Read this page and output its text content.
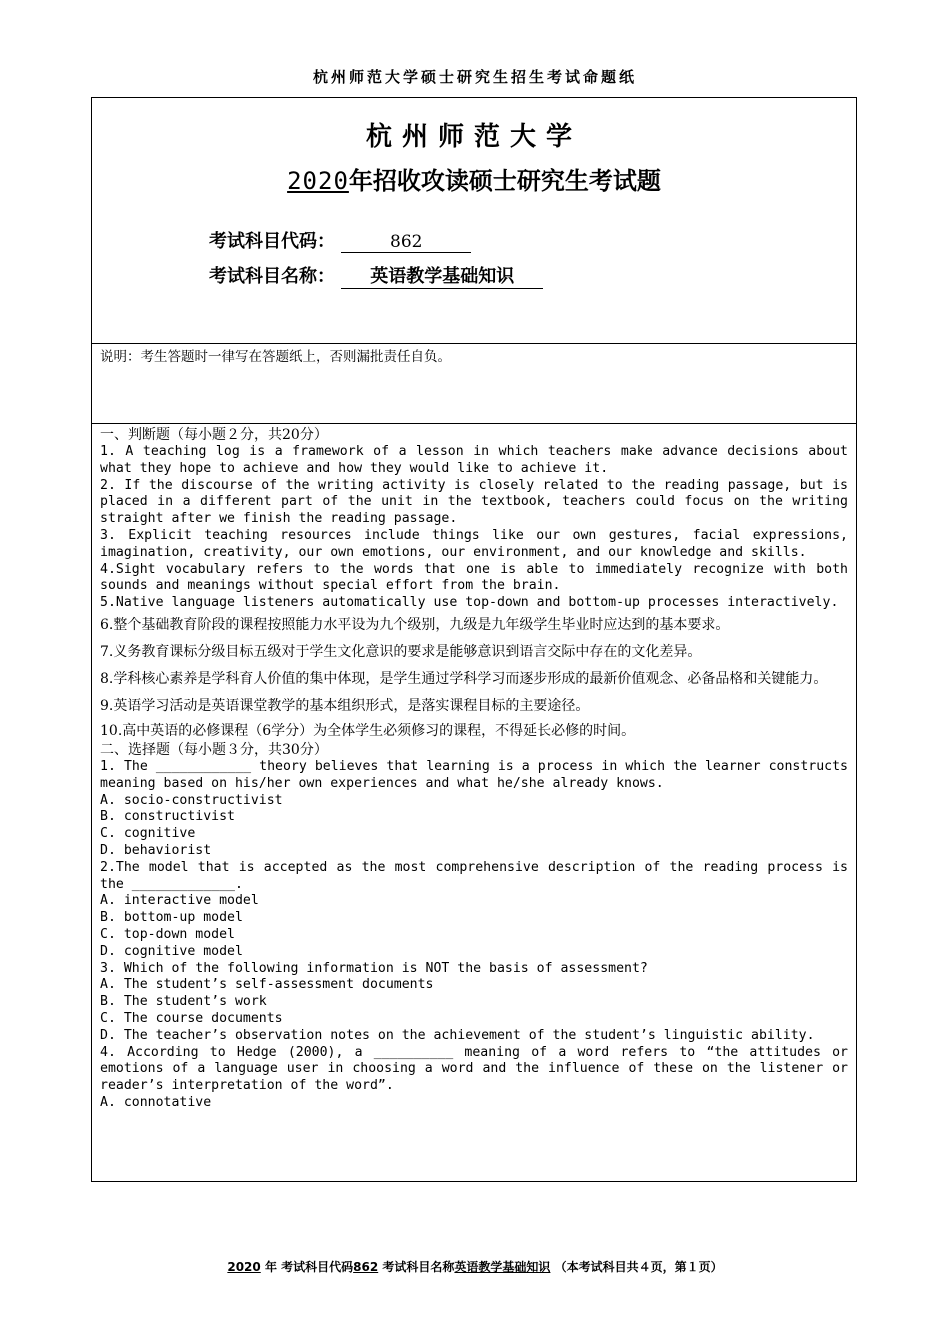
杭州师范大学硕士研究生招生考试命题纸
杭州师范大学
2020年招收攻读硕士研究生考试题
考试科目代码：	862
考试科目名称： 英语教学基础知识
说明：考生答题时一律写在答题纸上，否则漏批责任自负。
一、判断题（每小题２分，共20分）
1. A teaching log is a framework of a lesson in which teachers make advance decisions about what they hope to achieve and how they would like to achieve it.
2. If the discourse of the writing activity is closely related to the reading passage, but is placed in a different part of the unit in the textbook, teachers could focus on the writing straight after we finish the reading passage.
3. Explicit teaching resources include things like our own gestures, facial expressions, imagination, creativity, our own emotions, our environment, and our knowledge and skills.
4.Sight vocabulary refers to the words that one is able to immediately recognize with both sounds and meanings without special effort from the brain.
5.Native language listeners automatically use top-down and bottom-up processes interactively.
6.整个基础教育阶段的课程按照能力水平设为九个级别，九级是九年级学生毕业时应达到的基本要求。
7.义务教育课标分级目标五级对于学生文化意识的要求是能够意识到语言交际中存在的文化差异。
8.学科核心素养是学科育人价值的集中体现，是学生通过学科学习而逐步形成的最新价值观念、必备品格和关键能力。
9.英语学习活动是英语课堂教学的基本组织形式，是落实课程目标的主要途径。
10.高中英语的必修课程（6学分）为全体学生必须修习的课程，不得延长必修的时间。
二、选择题（每小题３分，共30分）
1. The ____________ theory believes that learning is a process in which the learner constructs meaning based on his/her own experiences and what he/she already knows.
A. socio-constructivist
B. constructivist
C. cognitive
D. behaviorist
2.The model that is accepted as the most comprehensive description of the reading process is the _____________.
A. interactive model
B. bottom-up model
C. top-down model
D. cognitive model
3. Which of the following information is NOT the basis of assessment?
A. The student’s self-assessment documents
B. The student’s work
C. The course documents
D. The teacher’s observation notes on the achievement of the student’s linguistic ability.
4. According to Hedge (2000), a __________ meaning of a word refers to “the attitudes or emotions of a language user in choosing a word and the influence of these on the listener or reader’s interpretation of the word”.
A. connotative
2020 年 考试科目代码862 考试科目名称英语教学基础知识 （本考试科目共４页，第１页）
